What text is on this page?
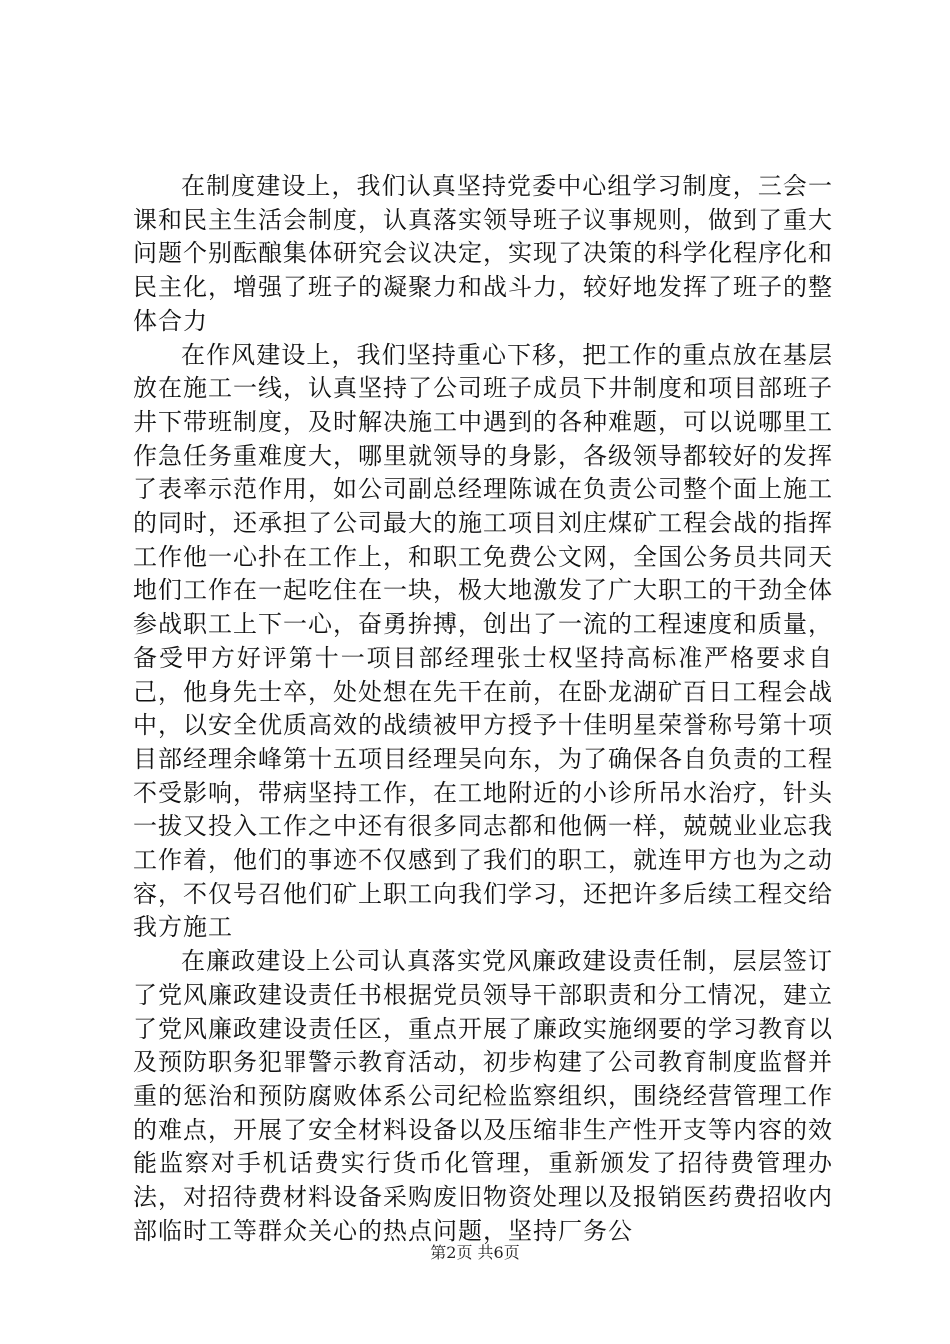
在制度建设上，我们认真坚持党委中心组学习制度，三会一课和民主生活会制度，认真落实领导班子议事规则，做到了重大问题个别酝酿集体研究会议决定，实现了决策的科学化程序化和民主化，增强了班子的凝聚力和战斗力，较好地发挥了班子的整体合力

在作风建设上，我们坚持重心下移，把工作的重点放在基层放在施工一线，认真坚持了公司班子成员下井制度和项目部班子井下带班制度，及时解决施工中遇到的各种难题，可以说哪里工作急任务重难度大，哪里就领导的身影，各级领导都较好的发挥了表率示范作用，如公司副总经理陈诚在负责公司整个面上施工的同时，还承担了公司最大的施工项目刘庄煤矿工程会战的指挥工作他一心扑在工作上，和职工免费公文网，全国公务员共同天地们工作在一起吃住在一块，极大地激发了广大职工的干劲全体参战职工上下一心，奋勇拚搏，创出了一流的工程速度和质量，备受甲方好评第十一项目部经理张士权坚持高标准严格要求自己，他身先士卒，处处想在先干在前，在卧龙湖矿百日工程会战中，以安全优质高效的战绩被甲方授予十佳明星荣誉称号第十项目部经理余峰第十五项目经理吴向东，为了确保各自负责的工程不受影响，带病坚持工作，在工地附近的小诊所吊水治疗，针头一拔又投入工作之中还有很多同志都和他俩一样，兢兢业业忘我工作着，他们的事迹不仅感到了我们的职工，就连甲方也为之动容，不仅号召他们矿上职工向我们学习，还把许多后续工程交给我方施工

在廉政建设上公司认真落实党风廉政建设责任制，层层签订了党风廉政建设责任书根据党员领导干部职责和分工情况，建立了党风廉政建设责任区，重点开展了廉政实施纲要的学习教育以及预防职务犯罪警示教育活动，初步构建了公司教育制度监督并重的惩治和预防腐败体系公司纪检监察组织，围绕经营管理工作的难点，开展了安全材料设备以及压缩非生产性开支等内容的效能监察对手机话费实行货币化管理，重新颁发了招待费管理办法，对招待费材料设备采购废旧物资处理以及报销医药费招收内部临时工等群众关心的热点问题，坚持厂务公

第2页 共6页
